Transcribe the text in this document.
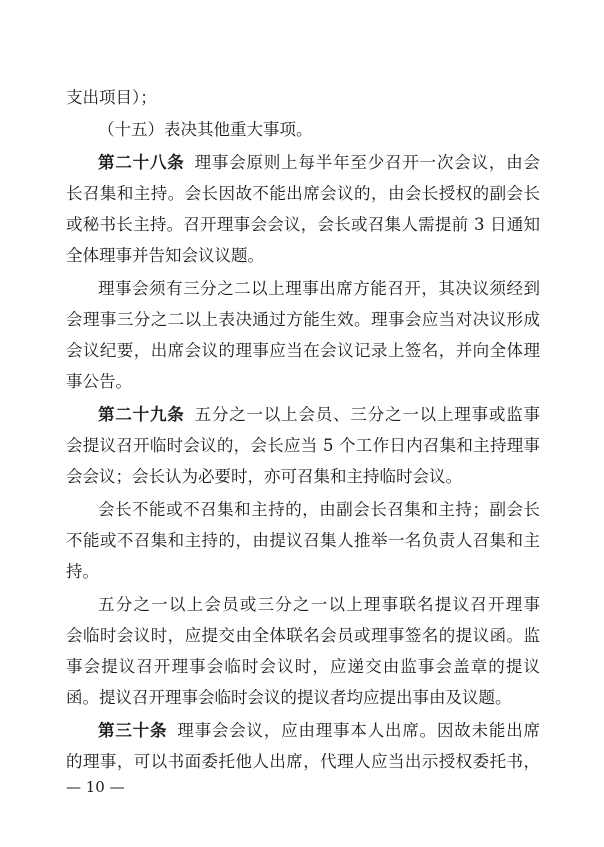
支出项目）；
（十五）表决其他重大事项。
第二十八条 理事会原则上每半年至少召开一次会议，由会
长召集和主持。会长因故不能出席会议的，由会长授权的副会长
或秘书长主持。召开理事会会议，会长或召集人需提前 3 日通知
全体理事并告知会议议题。
理事会须有三分之二以上理事出席方能召开，其决议须经到
会理事三分之二以上表决通过方能生效。理事会应当对决议形成
会议纪要，出席会议的理事应当在会议记录上签名，并向全体理
事公告。
第二十九条 五分之一以上会员、三分之一以上理事或监事
会提议召开临时会议的，会长应当 5 个工作日内召集和主持理事
会会议；会长认为必要时，亦可召集和主持临时会议。
会长不能或不召集和主持的，由副会长召集和主持；副会长
不能或不召集和主持的，由提议召集人推举一名负责人召集和主
持。
五分之一以上会员或三分之一以上理事联名提议召开理事
会临时会议时，应提交由全体联名会员或理事签名的提议函。监
事会提议召开理事会临时会议时，应递交由监事会盖章的提议
函。提议召开理事会临时会议的提议者均应提出事由及议题。
第三十条 理事会会议，应由理事本人出席。因故未能出席
的理事，可以书面委托他人出席，代理人应当出示授权委托书，
— 10 —
